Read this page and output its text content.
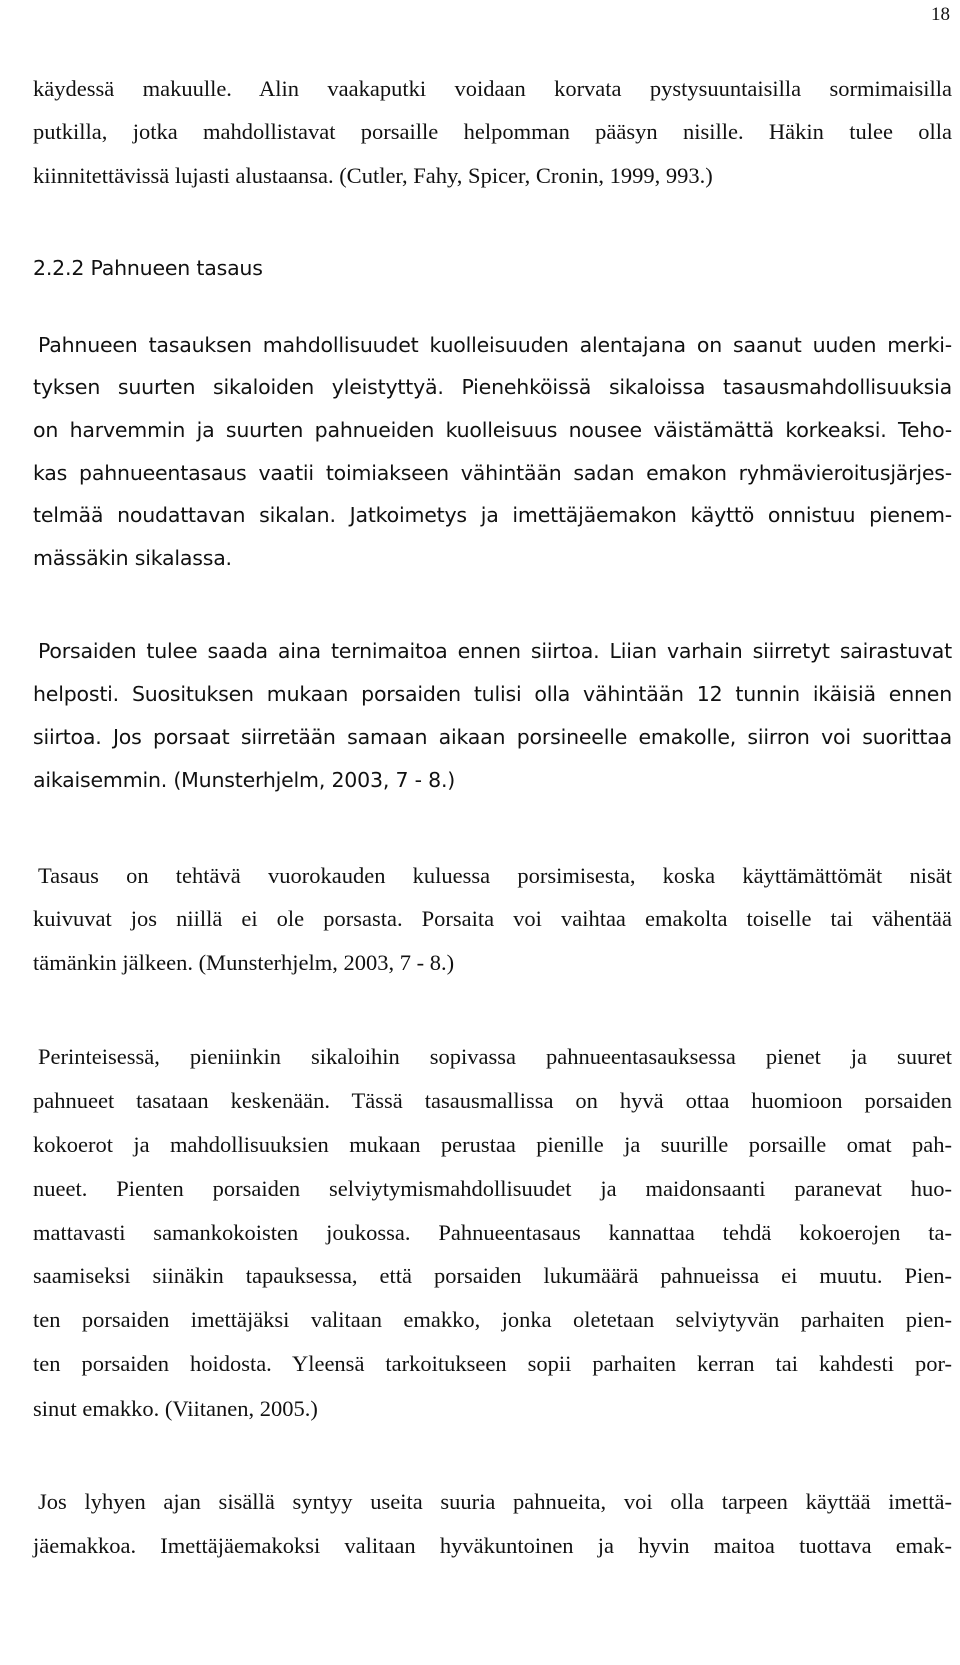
18
käydessä makuulle. Alin vaakaputki voidaan korvata pystysuuntaisilla sormimaisilla
putkilla, jotka mahdollistavat porsaille helpomman pääsyn nisille. Häkin tulee olla
kiinnitettävissä lujasti alustaansa. (Cutler, Fahy, Spicer, Cronin, 1999, 993.)
2.2.2 Pahnueen tasaus
Pahnueen tasauksen mahdollisuudet kuolleisuuden alentajana on saanut uuden merki-
tyksen suurten sikaloiden yleistyttyä. Pienehköissä sikaloissa tasausmahdollisuuksia
on harvemmin ja suurten pahnueiden kuolleisuus nousee väistämättä korkeaksi. Teho-
kas pahnueentasaus vaatii toimiakseen vähintään sadan emakon ryhmävieroitusjärjes-
telmää noudattavan sikalan. Jatkoimetys ja imettäjäemakon käyttö onnistuu pienem-
mässäkin sikalassa.
Porsaiden tulee saada aina ternimaitoa ennen siirtoa. Liian varhain siirretyt sairastuvat
helposti. Suosituksen mukaan porsaiden tulisi olla vähintään 12 tunnin ikäisiä ennen
siirtoa. Jos porsaat siirretään samaan aikaan porsineelle emakolle, siirron voi suorittaa
aikaisemmin. (Munsterhjelm, 2003, 7 - 8.)
Tasaus on tehtävä vuorokauden kuluessa porsimisesta, koska käyttämättömät nisät
kuivuvat jos niillä ei ole porsasta. Porsaita voi vaihtaa emakolta toiselle tai vähentää
tämänkin jälkeen. (Munsterhjelm, 2003, 7 - 8.)
Perinteisessä, pieniinkin sikaloihin sopivassa pahnueentasauksessa pienet ja suuret
pahnueet tasataan keskenään. Tässä tasausmallissa on hyvä ottaa huomioon porsaiden
kokoerot ja mahdollisuuksien mukaan perustaa pienille ja suurille porsaille omat pah-
nueet. Pienten porsaiden selviytymismahdollisuudet ja maidonsaanti paranevat huo-
mattavasti samankokoisten joukossa. Pahnueentasaus kannattaa tehdä kokoerojen ta-
saamiseksi siinäkin tapauksessa, että porsaiden lukumäärä pahnueissa ei muutu. Pien-
ten porsaiden imettäjäksi valitaan emakko, jonka oletetaan selviytyvän parhaiten pien-
ten porsaiden hoidosta. Yleensä tarkoitukseen sopii parhaiten kerran tai kahdesti por-
sinut emakko. (Viitanen, 2005.)
Jos lyhyen ajan sisällä syntyy useita suuria pahnueita, voi olla tarpeen käyttää imettä-
jäemakkoa. Imettäjäemakoksi valitaan hyväkuntoinen ja hyvin maitoa tuottava emak-
